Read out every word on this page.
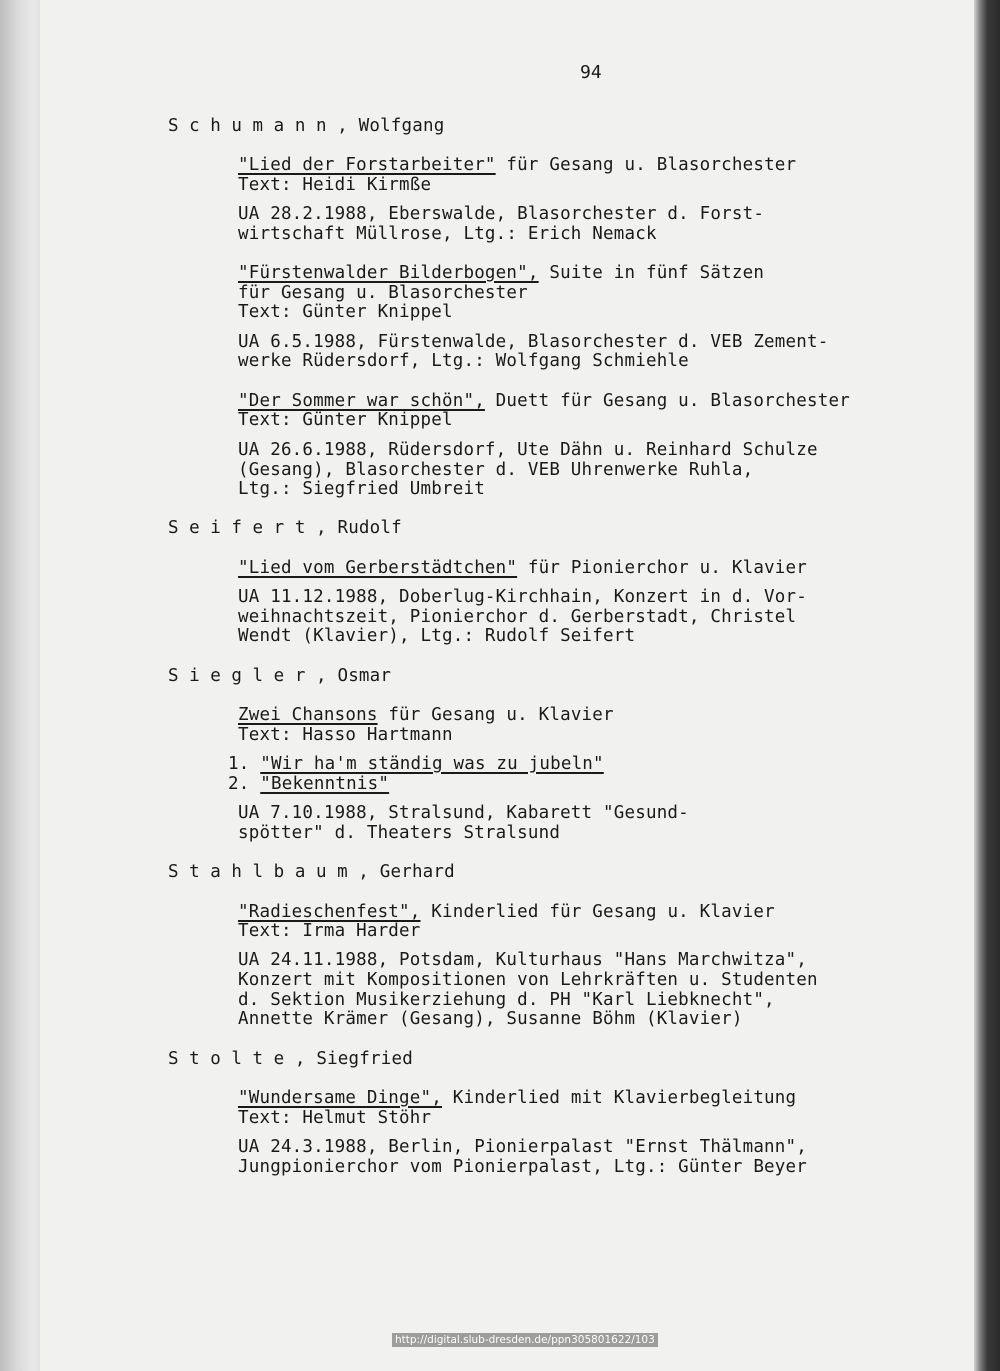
94
Schumann, Wolfgang
"Lied der Forstarbeiter" für Gesang u. Blasorchester
Text: Heidi Kirmße
UA 28.2.1988, Eberswalde, Blasorchester d. Forst-
wirtschaft Müllrose, Ltg.: Erich Nemack
"Fürstenwalder Bilderbogen", Suite in fünf Sätzen
für Gesang u. Blasorchester
Text: Günter Knippel
UA 6.5.1988, Fürstenwalde, Blasorchester d. VEB Zement-
werke Rüdersdorf, Ltg.: Wolfgang Schmiehle
"Der Sommer war schön", Duett für Gesang u. Blasorchester
Text: Günter Knippel
UA 26.6.1988, Rüdersdorf, Ute Dähn u. Reinhard Schulze
(Gesang), Blasorchester d. VEB Uhrenwerke Ruhla,
Ltg.: Siegfried Umbreit
Seifert, Rudolf
"Lied vom Gerberstädtchen" für Pionierchor u. Klavier
UA 11.12.1988, Doberlug-Kirchhain, Konzert in d. Vor-
weihnachtszeit, Pionierchor d. Gerberstadt, Christel
Wendt (Klavier), Ltg.: Rudolf Seifert
Siegler, Osmar
Zwei Chansons für Gesang u. Klavier
Text: Hasso Hartmann
1. "Wir ha'm ständig was zu jubeln"
2. "Bekenntnis"
UA 7.10.1988, Stralsund, Kabarett "Gesund-
spötter" d. Theaters Stralsund
Stahlbaum, Gerhard
"Radieschenfest", Kinderlied für Gesang u. Klavier
Text: Irma Harder
UA 24.11.1988, Potsdam, Kulturhaus "Hans Marchwitza",
Konzert mit Kompositionen von Lehrkräften u. Studenten
d. Sektion Musikerziehung d. PH "Karl Liebknecht",
Annette Krämer (Gesang), Susanne Böhm (Klavier)
Stolte, Siegfried
"Wundersame Dinge", Kinderlied mit Klavierbegleitung
Text: Helmut Stöhr
UA 24.3.1988, Berlin, Pionierpalast "Ernst Thälmann",
Jungpionierchor vom Pionierpalast, Ltg.: Günter Beyer
http://digital.slub-dresden.de/ppn305801622/103
